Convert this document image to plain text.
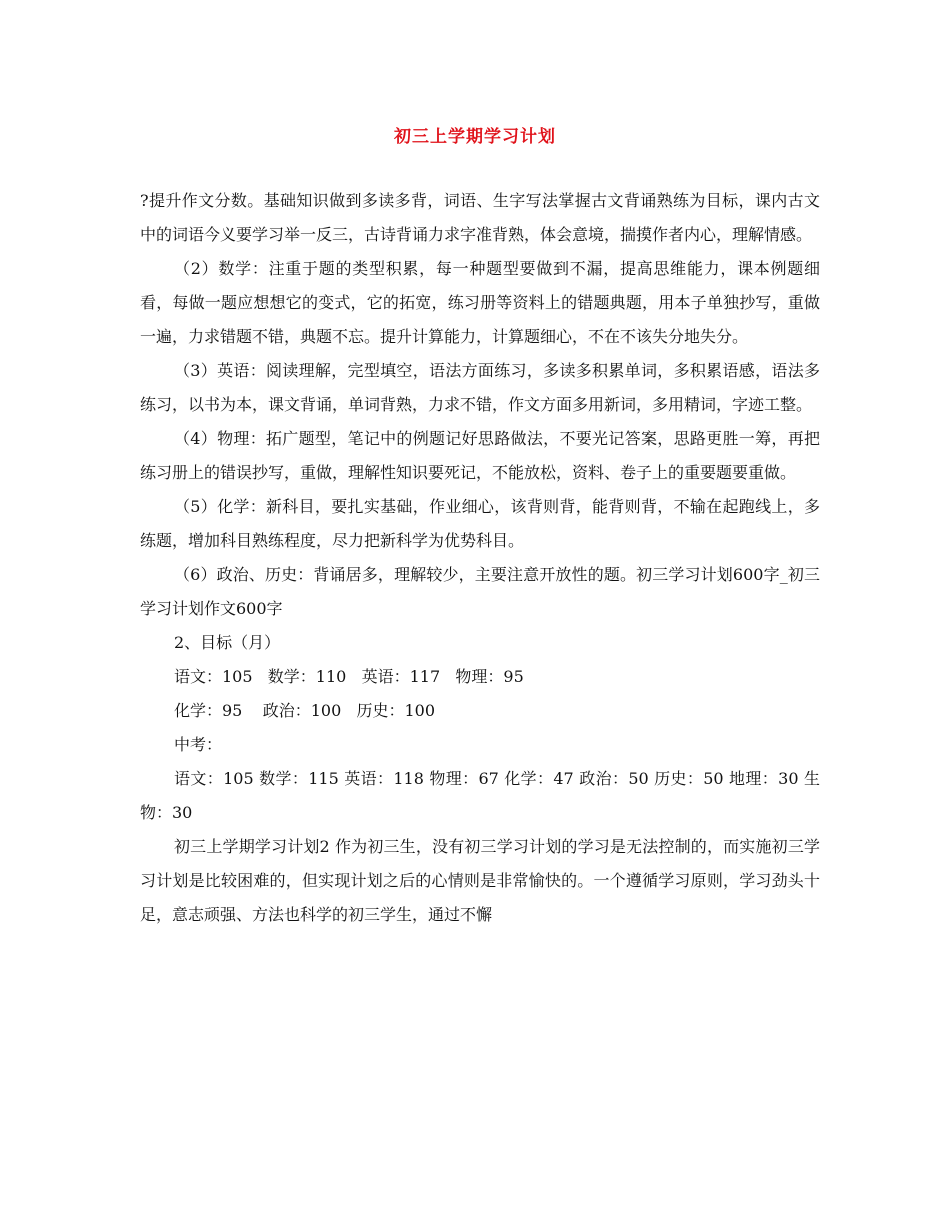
初三上学期学习计划

?提升作文分数。基础知识做到多读多背，词语、生字写法掌握古文背诵熟练为目标，课内古文中的词语今义要学习举一反三，古诗背诵力求字准背熟，体会意境，揣摸作者内心，理解情感。

（2）数学：注重于题的类型积累，每一种题型要做到不漏，提高思维能力，课本例题细看，每做一题应想想它的变式，它的拓宽，练习册等资料上的错题典题，用本子单独抄写，重做一遍，力求错题不错，典题不忘。提升计算能力，计算题细心，不在不该失分地失分。

（3）英语：阅读理解，完型填空，语法方面练习，多读多积累单词，多积累语感，语法多练习，以书为本，课文背诵，单词背熟，力求不错，作文方面多用新词，多用精词，字迹工整。

（4）物理：拓广题型，笔记中的例题记好思路做法，不要光记答案，思路更胜一筹，再把练习册上的错误抄写，重做，理解性知识要死记，不能放松，资料、卷子上的重要题要重做。

（5）化学：新科目，要扎实基础，作业细心，该背则背，能背则背，不输在起跑线上，多练题，增加科目熟练程度，尽力把新科学为优势科目。

（6）政治、历史：背诵居多，理解较少，主要注意开放性的题。初三学习计划600字_初三学习计划作文600字

2、目标（月）
语文：105   数学：110   英语：117   物理：95
化学：95    政治：100   历史：100
中考：

语文：105 数学：115 英语：118 物理：67 化学：47 政治：50 历史：50 地理：30 生物：30

初三上学期学习计划2 作为初三生，没有初三学习计划的学习是无法控制的，而实施初三学习计划是比较困难的，但实现计划之后的心情则是非常愉快的。一个遵循学习原则，学习劲头十足，意志顽强、方法也科学的初三学生，通过不懈
